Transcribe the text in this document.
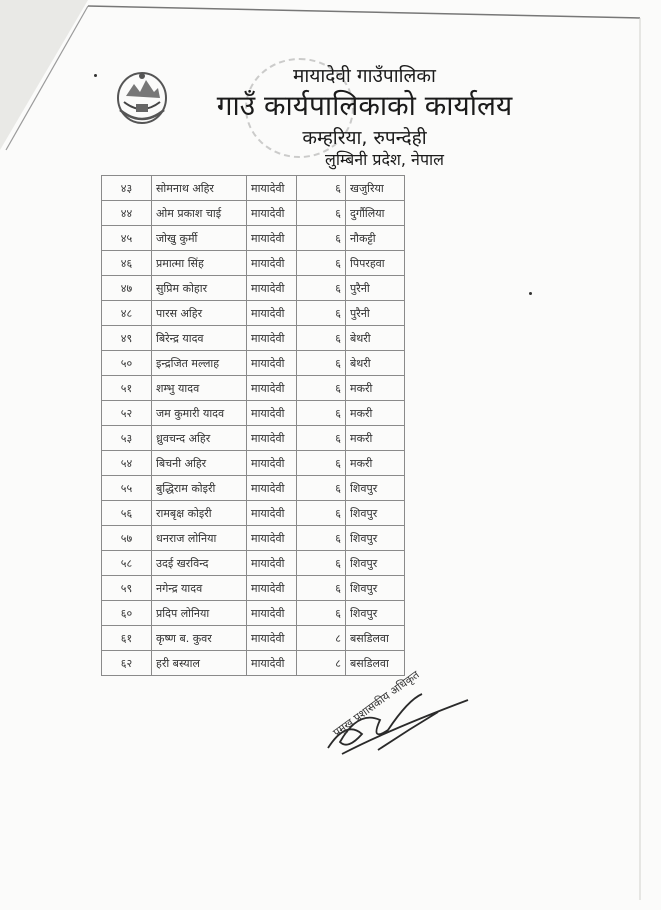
मायादेवी गाउँपालिका
गाउँ कार्यपालिकाको कार्यालय
कम्हरिया, रुपन्देही
लुम्बिनी प्रदेश, नेपाल
४३	सोमनाथ अहिर	मायादेवी	६	खजुरिया
४४	ओम प्रकाश चाई	मायादेवी	६	दुर्गौलिया
४५	जोखु कुर्मी	मायादेवी	६	नौकट्टी
४६	प्रमात्मा सिंह	मायादेवी	६	पिपरहवा
४७	सुप्रिम कोहार	मायादेवी	६	पुरैनी
४८	पारस अहिर	मायादेवी	६	पुरैनी
४९	बिरेन्द्र यादव	मायादेवी	६	बेथरी
५०	इन्द्रजित मल्लाह	मायादेवी	६	बेथरी
५१	शम्भु यादव	मायादेवी	६	मकरी
५२	जम कुमारी यादव	मायादेवी	६	मकरी
५३	ध्रुवचन्द अहिर	मायादेवी	६	मकरी
५४	बिचनी अहिर	मायादेवी	६	मकरी
५५	बुद्धिराम कोइरी	मायादेवी	६	शिवपुर
५६	रामबृक्ष कोइरी	मायादेवी	६	शिवपुर
५७	धनराज लोनिया	मायादेवी	६	शिवपुर
५८	उदई खरविन्द	मायादेवी	६	शिवपुर
५९	नगेन्द्र यादव	मायादेवी	६	शिवपुर
६०	प्रदिप लोनिया	मायादेवी	६	शिवपुर
६१	कृष्ण ब. कुवर	मायादेवी	८	बसडिलवा
६२	हरी बस्याल	मायादेवी	८	बसडिलवा
प्रमुख प्रशासकीय अधिकृत
